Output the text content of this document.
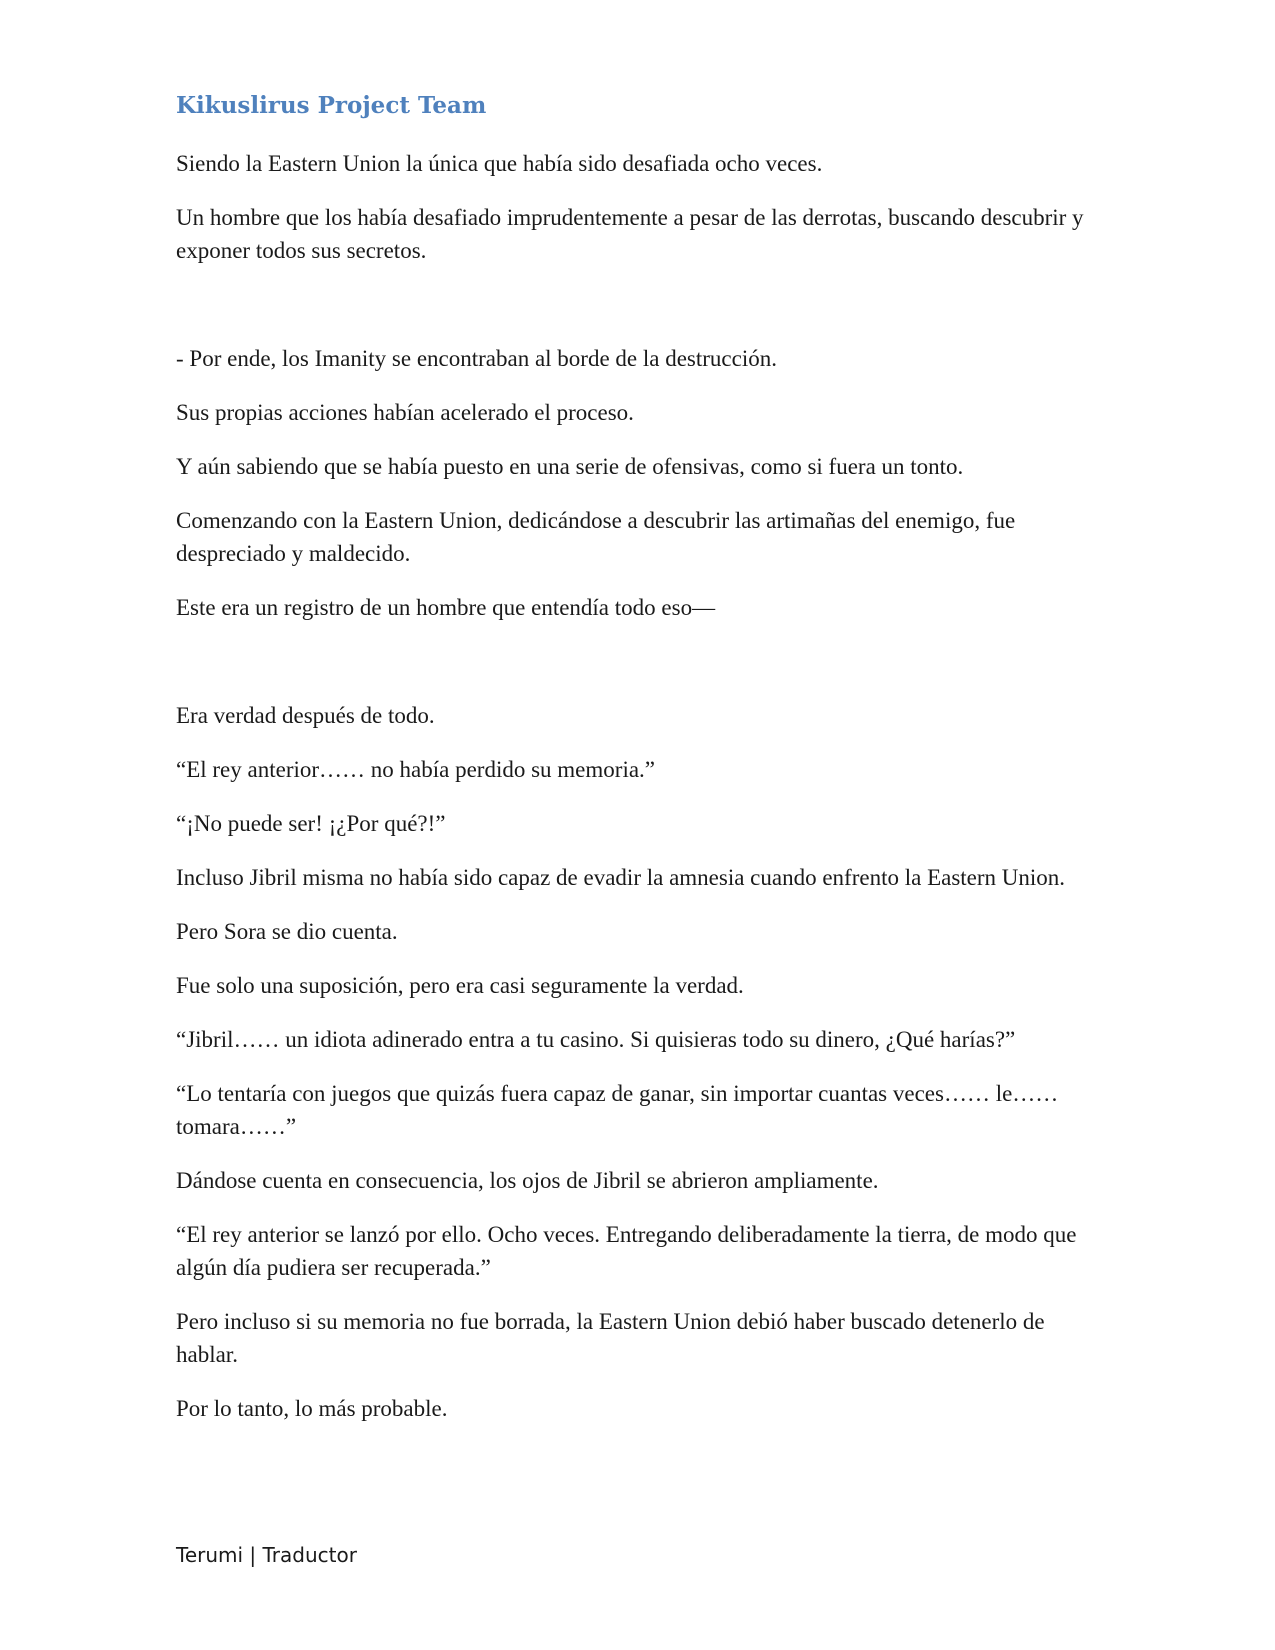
Kikuslirus Project Team

Siendo la Eastern Union la única que había sido desafiada ocho veces.

Un hombre que los había desafiado imprudentemente a pesar de las derrotas, buscando descubrir y exponer todos sus secretos.

- Por ende, los Imanity se encontraban al borde de la destrucción.

Sus propias acciones habían acelerado el proceso.

Y aún sabiendo que se había puesto en una serie de ofensivas, como si fuera un tonto.

Comenzando con la Eastern Union, dedicándose a descubrir las artimañas del enemigo, fue despreciado y maldecido.

Este era un registro de un hombre que entendía todo eso—

Era verdad después de todo.

“El rey anterior…… no había perdido su memoria.”

“¡No puede ser! ¡¿Por qué?!”

Incluso Jibril misma no había sido capaz de evadir la amnesia cuando enfrento la Eastern Union.

Pero Sora se dio cuenta.

Fue solo una suposición, pero era casi seguramente la verdad.

“Jibril…… un idiota adinerado entra a tu casino. Si quisieras todo su dinero, ¿Qué harías?”

“Lo tentaría con juegos que quizás fuera capaz de ganar, sin importar cuantas veces…… le…… tomara……”

Dándose cuenta en consecuencia, los ojos de Jibril se abrieron ampliamente.

“El rey anterior se lanzó por ello. Ocho veces. Entregando deliberadamente la tierra, de modo que algún día pudiera ser recuperada.”

Pero incluso si su memoria no fue borrada, la Eastern Union debió haber buscado detenerlo de hablar.

Por lo tanto, lo más probable.

Terumi | Traductor
